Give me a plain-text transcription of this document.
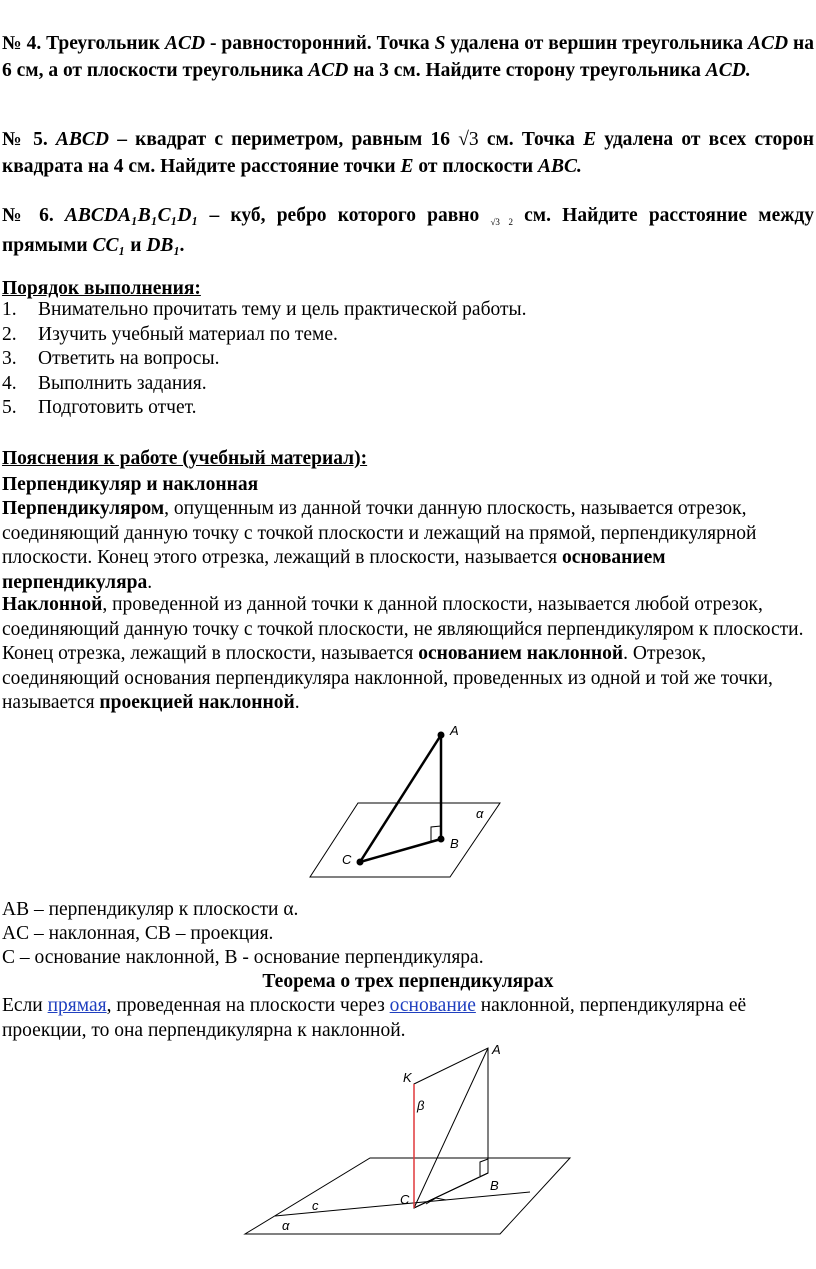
№ 4. Треугольник ACD - равносторонний. Точка S удалена от вершин треугольника ACD на 6 см, а от плоскости треугольника ACD на 3 см. Найдите сторону треугольника ACD.
№ 5. ABCD – квадрат с периметром, равным 16 √3 см. Точка E удалена от всех сторон квадрата на 4 см. Найдите расстояние точки E от плоскости ABC.
№ 6. ABCDA₁B₁C₁D₁ – куб, ребро которого равно $_{√3 2}$ см. Найдите расстояние между прямыми CC₁ и DB₁.
Порядок выполнения:
1.	Внимательно прочитать тему и цель практической работы.
2.	Изучить учебный материал по теме.
3.	Ответить на вопросы.
4.	Выполнить задания.
5.	Подготовить отчет.
Пояснения к работе (учебный материал):
Перпендикуляр и наклонная
Перпендикуляром, опущенным из данной точки данную плоскость, называется отрезок, соединяющий данную точку с точкой плоскости и лежащий на прямой, перпендикулярной плоскости. Конец этого отрезка, лежащий в плоскости, называется основанием перпендикуляра.
Наклонной, проведенной из данной точки к данной плоскости, называется любой отрезок, соединяющий данную точку с точкой плоскости, не являющийся перпендикуляром к плоскости. Конец отрезка, лежащий в плоскости, называется основанием наклонной. Отрезок, соединяющий основания перпендикуляра наклонной, проведенных из одной и той же точки, называется проекцией наклонной.
A
B
C
α
AB – перпендикуляр к плоскости α.
AC – наклонная, CB – проекция.
C – основание наклонной, B - основание перпендикуляра.
Теорема о трех перпендикулярах
Если прямая, проведенная на плоскости через основание наклонной, перпендикулярна её проекции, то она перпендикулярна к наклонной.
A
K
β
C
B
c
α
